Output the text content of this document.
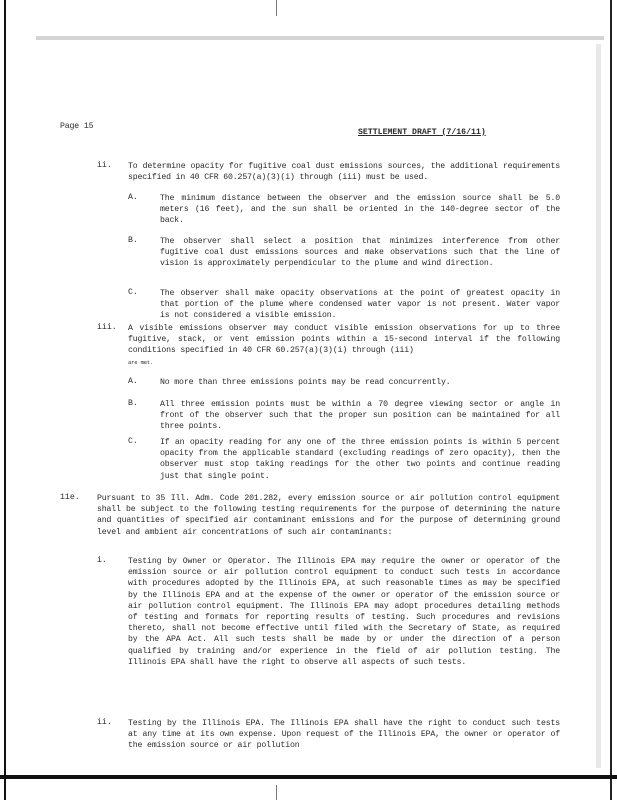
Page 15
SETTLEMENT DRAFT (7/16/11)
ii. To determine opacity for fugitive coal dust emissions sources, the additional requirements specified in 40 CFR 60.257(a)(3)(i) through (iii) must be used.
A.	The minimum distance between the observer and the emission source shall be 5.0 meters (16 feet), and the sun shall be oriented in the 140-degree sector of the back.
B.	The observer shall select a position that minimizes interference from other fugitive coal dust emissions sources and make observations such that the line of vision is approximately perpendicular to the plume and wind direction.
C.	The observer shall make opacity observations at the point of greatest opacity in that portion of the plume where condensed water vapor is not present. Water vapor is not considered a visible emission.
iii. A visible emissions observer may conduct visible emission observations for up to three fugitive, stack, or vent emission points within a 15-second interval if the following conditions specified in 40 CFR 60.257(a)(3)(i) through (iii)
are met.
A.	No more than three emissions points may be read concurrently.
B.	All three emission points must be within a 70 degree viewing sector or angle in front of the observer such that the proper sun position can be maintained for all three points.
C.	If an opacity reading for any one of the three emission points is within 5 percent opacity from the applicable standard (excluding readings of zero opacity), then the observer must stop taking readings for the other two points and continue reading just that single point.
11e. Pursuant to 35 Ill. Adm. Code 201.282, every emission source or air pollution control equipment shall be subject to the following testing requirements for the purpose of determining the nature and quantities of specified air contaminant emissions and for the purpose of determining ground level and ambient air concentrations of such air contaminants:
i.	Testing by Owner or Operator. The Illinois EPA may require the owner or operator of the emission source or air pollution control equipment to conduct such tests in accordance with procedures adopted by the Illinois EPA, at such reasonable times as may be specified by the Illinois EPA and at the expense of the owner or operator of the emission source or air pollution control equipment. The Illinois EPA may adopt procedures detailing methods of testing and formats for reporting results of testing. Such procedures and revisions thereto, shall not become effective until filed with the Secretary of State, as required by the APA Act. All such tests shall be made by or under the direction of a person qualified by training and/or experience in the field of air pollution testing. The Illinois EPA shall have the right to observe all aspects of such tests.
ii. Testing by the Illinois EPA. The Illinois EPA shall have the right to conduct such tests at any time at its own expense. Upon request of the Illinois EPA, the owner or operator of the emission source or air pollution
